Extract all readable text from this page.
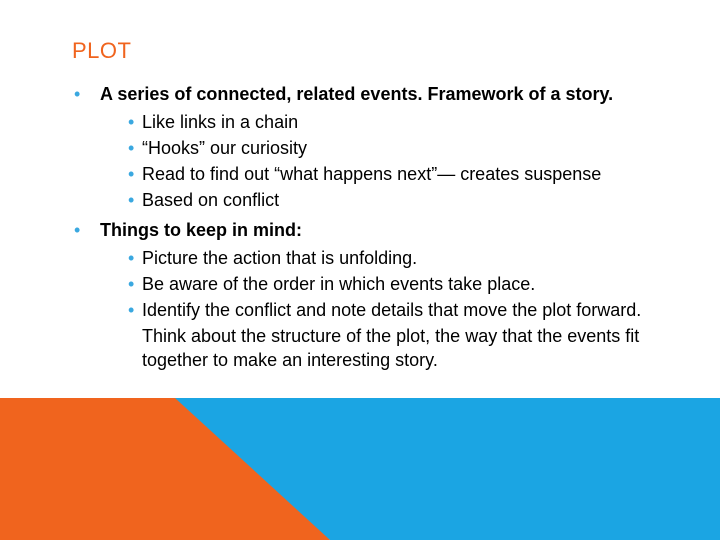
PLOT
• A series of connected, related events. Framework of a story.
• Like links in a chain
• “Hooks” our curiosity
• Read to find out “what happens next”— creates suspense
• Based on conflict
• Things to keep in mind:
• Picture the action that is unfolding.
• Be aware of the order in which events take place.
• Identify the conflict and note details that move the plot forward.
Think about the structure of the plot, the way that the events fit together to make an interesting story.
